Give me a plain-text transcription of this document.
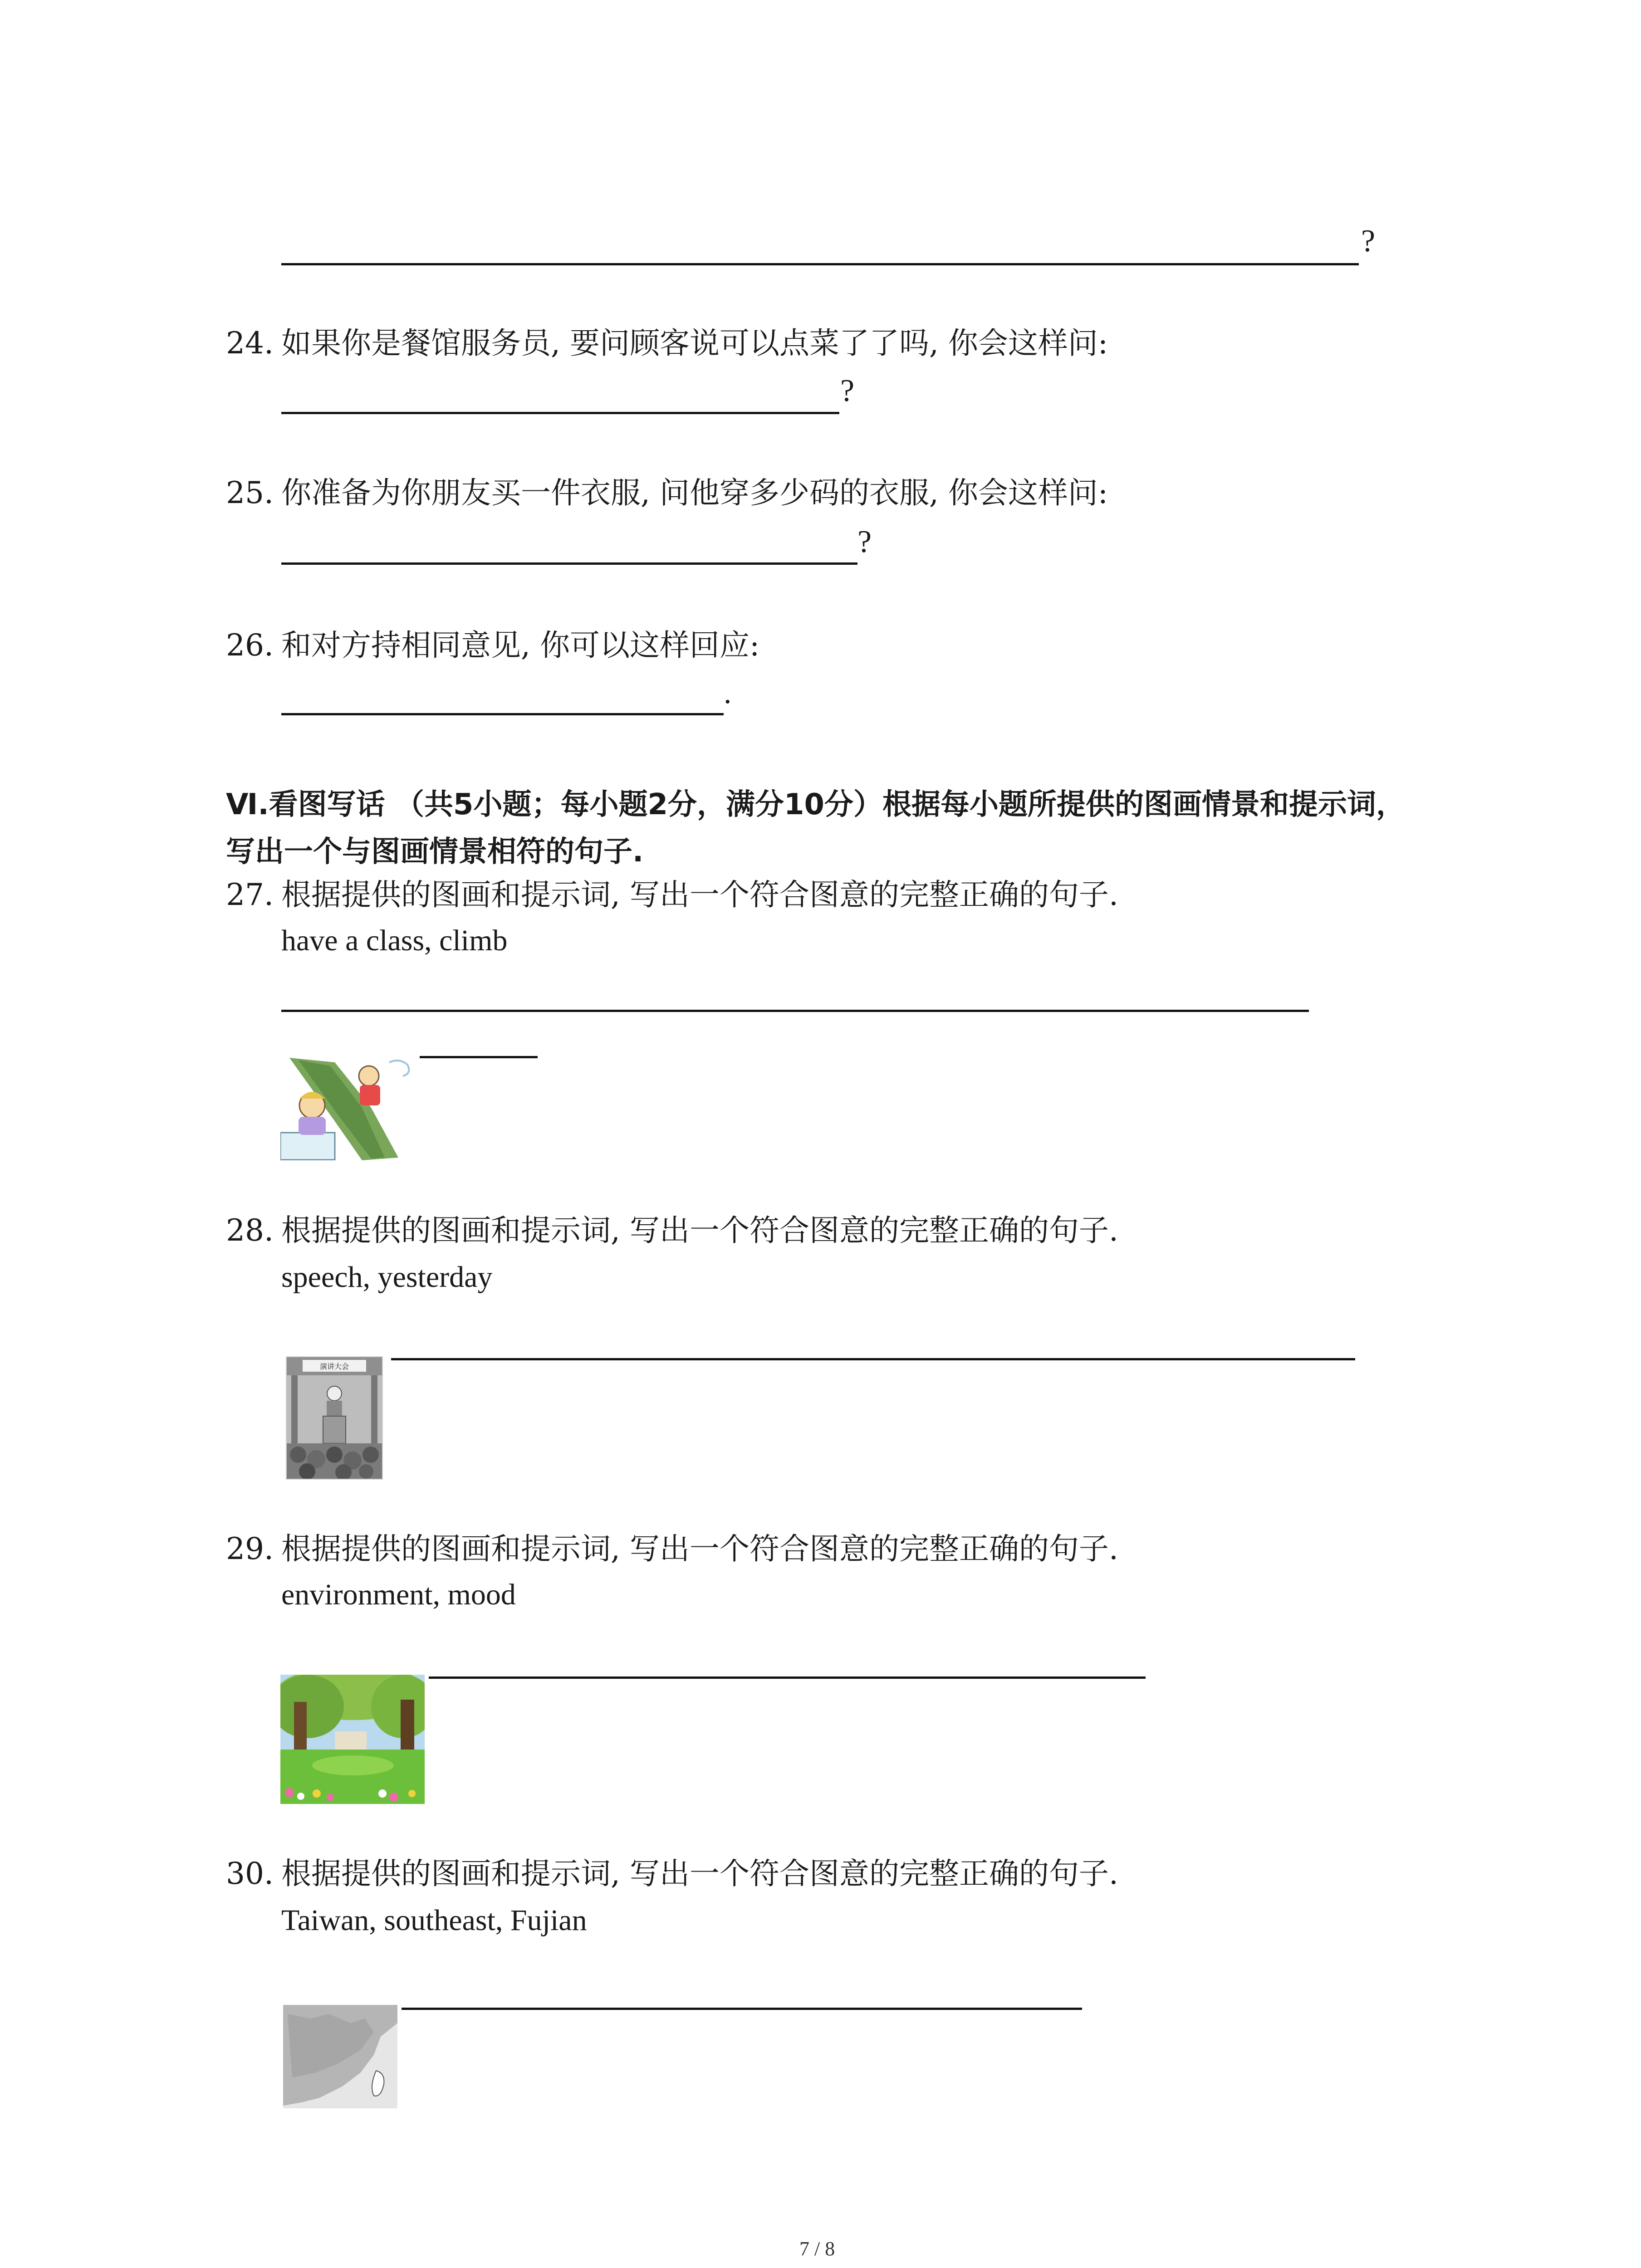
?
24. 如果你是餐馆服务员, 要问顾客说可以点菜了了吗, 你会这样问:
?
25. 你准备为你朋友买一件衣服, 问他穿多少码的衣服, 你会这样问:
?
26. 和对方持相同意见, 你可以这样回应:
.
Ⅵ.看图写话 （共5小题；每小题2分，满分10分）根据每小题所提供的图画情景和提示词，
写出一个与图画情景相符的句子.
27. 根据提供的图画和提示词, 写出一个符合图意的完整正确的句子.
have a class, climb
28. 根据提供的图画和提示词, 写出一个符合图意的完整正确的句子.
speech, yesterday
演讲大会
29. 根据提供的图画和提示词, 写出一个符合图意的完整正确的句子.
environment, mood
30. 根据提供的图画和提示词, 写出一个符合图意的完整正确的句子.
Taiwan, southeast, Fujian
7 / 8
